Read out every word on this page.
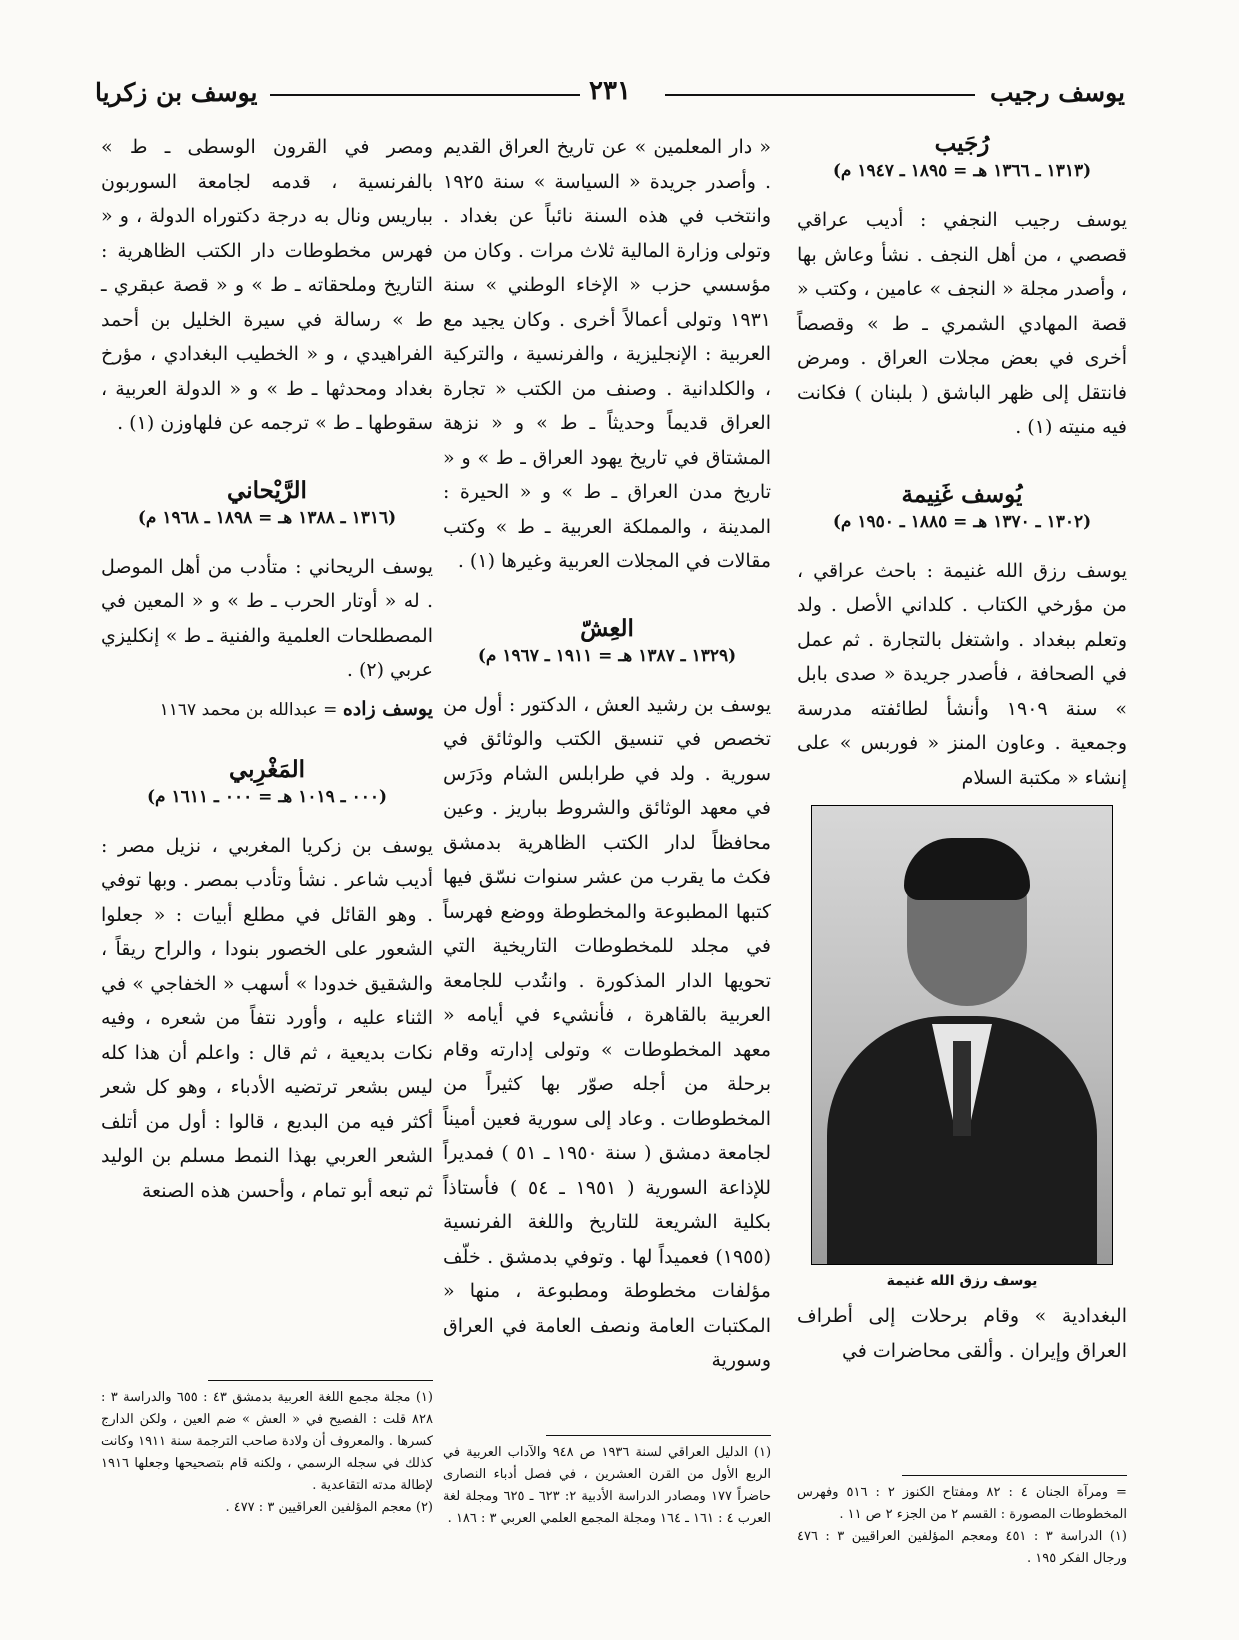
يوسف رجيب
٢٣١
يوسف بن زكريا
رُجَيب
(١٣١٣ ـ ١٣٦٦ هـ = ١٨٩٥ ـ ١٩٤٧ م)
يوسف رجيب النجفي : أديب عراقي قصصي ، من أهل النجف . نشأ وعاش بها ، وأصدر مجلة « النجف » عامين ، وكتب « قصة المهادي الشمري ـ ط » وقصصاً أخرى في بعض مجلات العراق . ومرض فانتقل إلى ظهر الباشق ( بلبنان ) فكانت فيه منيته (١) .
يُوسف غَنِيمة
(١٣٠٢ ـ ١٣٧٠ هـ = ١٨٨٥ ـ ١٩٥٠ م)
يوسف رزق الله غنيمة : باحث عراقي ، من مؤرخي الكتاب . كلداني الأصل . ولد وتعلم ببغداد . واشتغل بالتجارة . ثم عمل في الصحافة ، فأصدر جريدة « صدى بابل » سنة ١٩٠٩ وأنشأ لطائفته مدرسة وجمعية . وعاون المنز « فوربس » على إنشاء « مكتبة السلام
يوسف رزق الله غنيمة
البغدادية » وقام برحلات إلى أطراف العراق وإيران . وألقى محاضرات في
« دار المعلمين » عن تاريخ العراق القديم . وأصدر جريدة « السياسة » سنة ١٩٢٥ وانتخب في هذه السنة نائباً عن بغداد . وتولى وزارة المالية ثلاث مرات . وكان من مؤسسي حزب « الإخاء الوطني » سنة ١٩٣١ وتولى أعمالاً أخرى . وكان يجيد مع العربية : الإنجليزية ، والفرنسية ، والتركية ، والكلدانية . وصنف من الكتب « تجارة العراق قديماً وحديثاً ـ ط » و « نزهة المشتاق في تاريخ يهود العراق ـ ط » و « تاريخ مدن العراق ـ ط » و « الحيرة : المدينة ، والمملكة العربية ـ ط » وكتب مقالات في المجلات العربية وغيرها (١) .
العِشّ
(١٣٢٩ ـ ١٣٨٧ هـ = ١٩١١ ـ ١٩٦٧ م)
يوسف بن رشيد العش ، الدكتور : أول من تخصص في تنسيق الكتب والوثائق في سورية . ولد في طرابلس الشام ودَرَس في معهد الوثائق والشروط بباريز . وعين محافظاً لدار الكتب الظاهرية بدمشق فكث ما يقرب من عشر سنوات نسّق فيها كتبها المطبوعة والمخطوطة ووضع فهرساً في مجلد للمخطوطات التاريخية التي تحويها الدار المذكورة . وانتُدب للجامعة العربية بالقاهرة ، فأنشيء في أيامه « معهد المخطوطات » وتولى إدارته وقام برحلة من أجله صوّر بها كثيراً من المخطوطات . وعاد إلى سورية فعين أميناً لجامعة دمشق ( سنة ١٩٥٠ ـ ٥١ ) فمديراً للإذاعة السورية ( ١٩٥١ ـ ٥٤ ) فأستاذاً بكلية الشريعة للتاريخ واللغة الفرنسية (١٩٥٥) فعميداً لها . وتوفي بدمشق . خلّف مؤلفات مخطوطة ومطبوعة ، منها « المكتبات العامة ونصف العامة في العراق وسورية
ومصر في القرون الوسطى ـ ط » بالفرنسية ، قدمه لجامعة السوربون بباريس ونال به درجة دكتوراه الدولة ، و « فهرس مخطوطات دار الكتب الظاهرية : التاريخ وملحقاته ـ ط » و « قصة عبقري ـ ط » رسالة في سيرة الخليل بن أحمد الفراهيدي ، و « الخطيب البغدادي ، مؤرخ بغداد ومحدثها ـ ط » و « الدولة العربية ، سقوطها ـ ط » ترجمه عن فلهاوزن (١) .
الرَّيْحاني
(١٣١٦ ـ ١٣٨٨ هـ = ١٨٩٨ ـ ١٩٦٨ م)
يوسف الريحاني : متأدب من أهل الموصل . له « أوتار الحرب ـ ط » و « المعين في المصطلحات العلمية والفنية ـ ط » إنكليزي عربي (٢) .
يوسف زاده = عبدالله بن محمد ١١٦٧
المَغْرِبي
(٠٠٠ ـ ١٠١٩ هـ = ٠٠٠ ـ ١٦١١ م)
يوسف بن زكريا المغربي ، نزيل مصر : أديب شاعر . نشأ وتأدب بمصر . وبها توفي . وهو القائل في مطلع أبيات : « جعلوا الشعور على الخصور بنودا ، والراح ريقاً ، والشقيق خدودا » أسهب « الخفاجي » في الثناء عليه ، وأورد نتفاً من شعره ، وفيه نكات بديعية ، ثم قال : واعلم أن هذا كله ليس بشعر ترتضيه الأدباء ، وهو كل شعر أكثر فيه من البديع ، قالوا : أول من أتلف الشعر العربي بهذا النمط مسلم بن الوليد ثم تبعه أبو تمام ، وأحسن هذه الصنعة

= ومرآة الجنان ٤ : ٨٢ ومفتاح الكنوز ٢ : ٥١٦ وفهرس المخطوطات المصورة : القسم ٢ من الجزء ٢ ص ١١ .

(١) الدراسة ٣ : ٤٥١ ومعجم المؤلفين العراقيين ٣ : ٤٧٦ ورجال الفكر ١٩٥ .

(١) الدليل العراقي لسنة ١٩٣٦ ص ٩٤٨ والآداب العربية في الربع الأول من القرن العشرين ، في فصل أدباء النصارى حاضراً ١٧٧ ومصادر الدراسة الأدبية ٢: ٦٢٣ ـ ٦٢٥ ومجلة لغة العرب ٤ : ١٦١ ـ ١٦٤ ومجلة المجمع العلمي العربي ٣ : ١٨٦ .

(١) مجلة مجمع اللغة العربية بدمشق ٤٣ : ٦٥٥ والدراسة ٣ : ٨٢٨ قلت : الفصيح في « العش » ضم العين ، ولكن الدارج كسرها . والمعروف أن ولادة صاحب الترجمة سنة ١٩١١ وكانت كذلك في سجله الرسمي ، ولكنه قام بتصحيحها وجعلها ١٩١٦ لإطالة مدته التقاعدية .

(٢) معجم المؤلفين العراقيين ٣ : ٤٧٧ .
